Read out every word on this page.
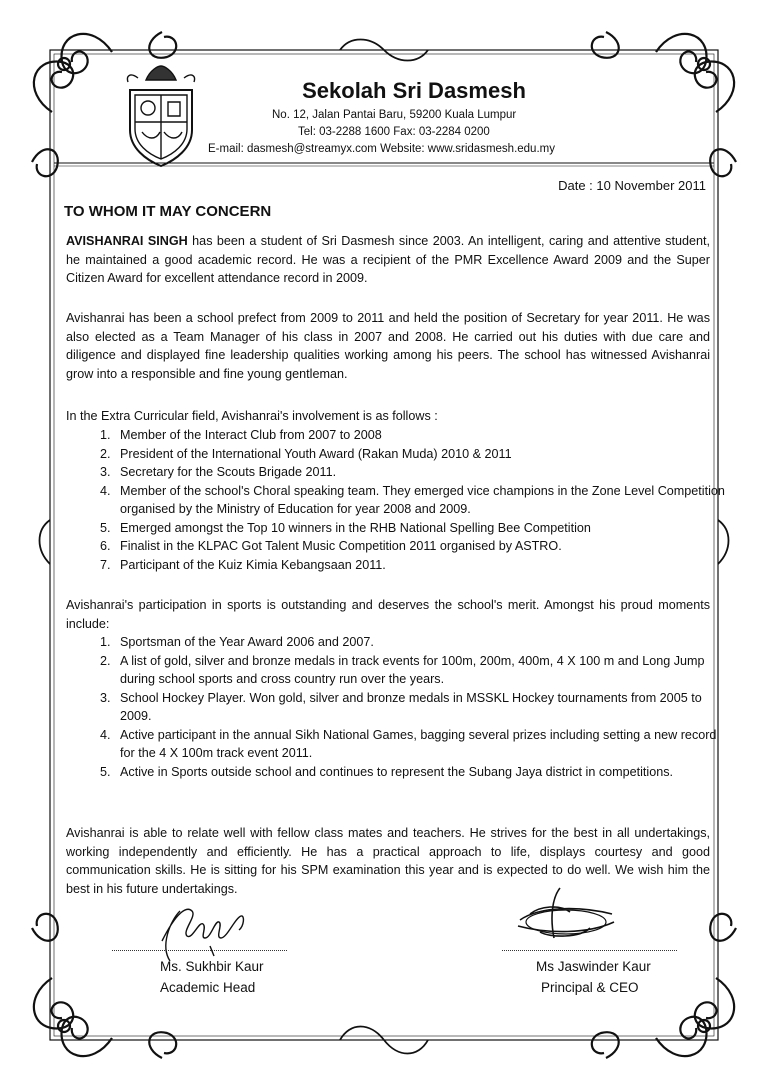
Sekolah Sri Dasmesh
No. 12, Jalan Pantai Baru, 59200 Kuala Lumpur
Tel: 03-2288 1600 Fax: 03-2284 0200
E-mail: dasmesh@streamyx.com Website: www.sridasmesh.edu.my
Date : 10 November 2011
TO WHOM IT MAY CONCERN
AVISHANRAI SINGH has been a student of Sri Dasmesh since 2003. An intelligent, caring and attentive student, he maintained a good academic record. He was a recipient of the PMR Excellence Award 2009 and the Super Citizen Award for excellent attendance record in 2009.
Avishanrai has been a school prefect from 2009 to 2011 and held the position of Secretary for year 2011. He was also elected as a Team Manager of his class in 2007 and 2008. He carried out his duties with due care and diligence and displayed fine leadership qualities working among his peers. The school has witnessed Avishanrai grow into a responsible and fine young gentleman.
In the Extra Curricular field, Avishanrai's involvement is as follows :
1. Member of the Interact Club from 2007 to 2008
2. President of the International Youth Award (Rakan Muda) 2010 & 2011
3. Secretary for the Scouts Brigade 2011.
4. Member of the school's Choral speaking team. They emerged vice champions in the Zone Level Competition organised by the Ministry of Education for year 2008 and 2009.
5. Emerged amongst the Top 10 winners in the RHB National Spelling Bee Competition
6. Finalist in the KLPAC Got Talent Music Competition 2011 organised by ASTRO.
7. Participant of the Kuiz Kimia Kebangsaan 2011.
Avishanrai's participation in sports is outstanding and deserves the school's merit. Amongst his proud moments include:
1. Sportsman of the Year Award 2006 and 2007.
2. A list of gold, silver and bronze medals in track events for 100m, 200m, 400m, 4 X 100 m and Long Jump during school sports and cross country run over the years.
3. School Hockey Player. Won gold, silver and bronze medals in MSSKL Hockey tournaments from 2005 to 2009.
4. Active participant in the annual Sikh National Games, bagging several prizes including setting a new record for the 4 X 100m track event 2011.
5. Active in Sports outside school and continues to represent the Subang Jaya district in competitions.
Avishanrai is able to relate well with fellow class mates and teachers. He strives for the best in all undertakings, working independently and efficiently. He has a practical approach to life, displays courtesy and good communication skills. He is sitting for his SPM examination this year and is expected to do well. We wish him the best in his future undertakings.
Ms. Sukhbir Kaur
Academic Head
Ms Jaswinder Kaur
Principal & CEO
